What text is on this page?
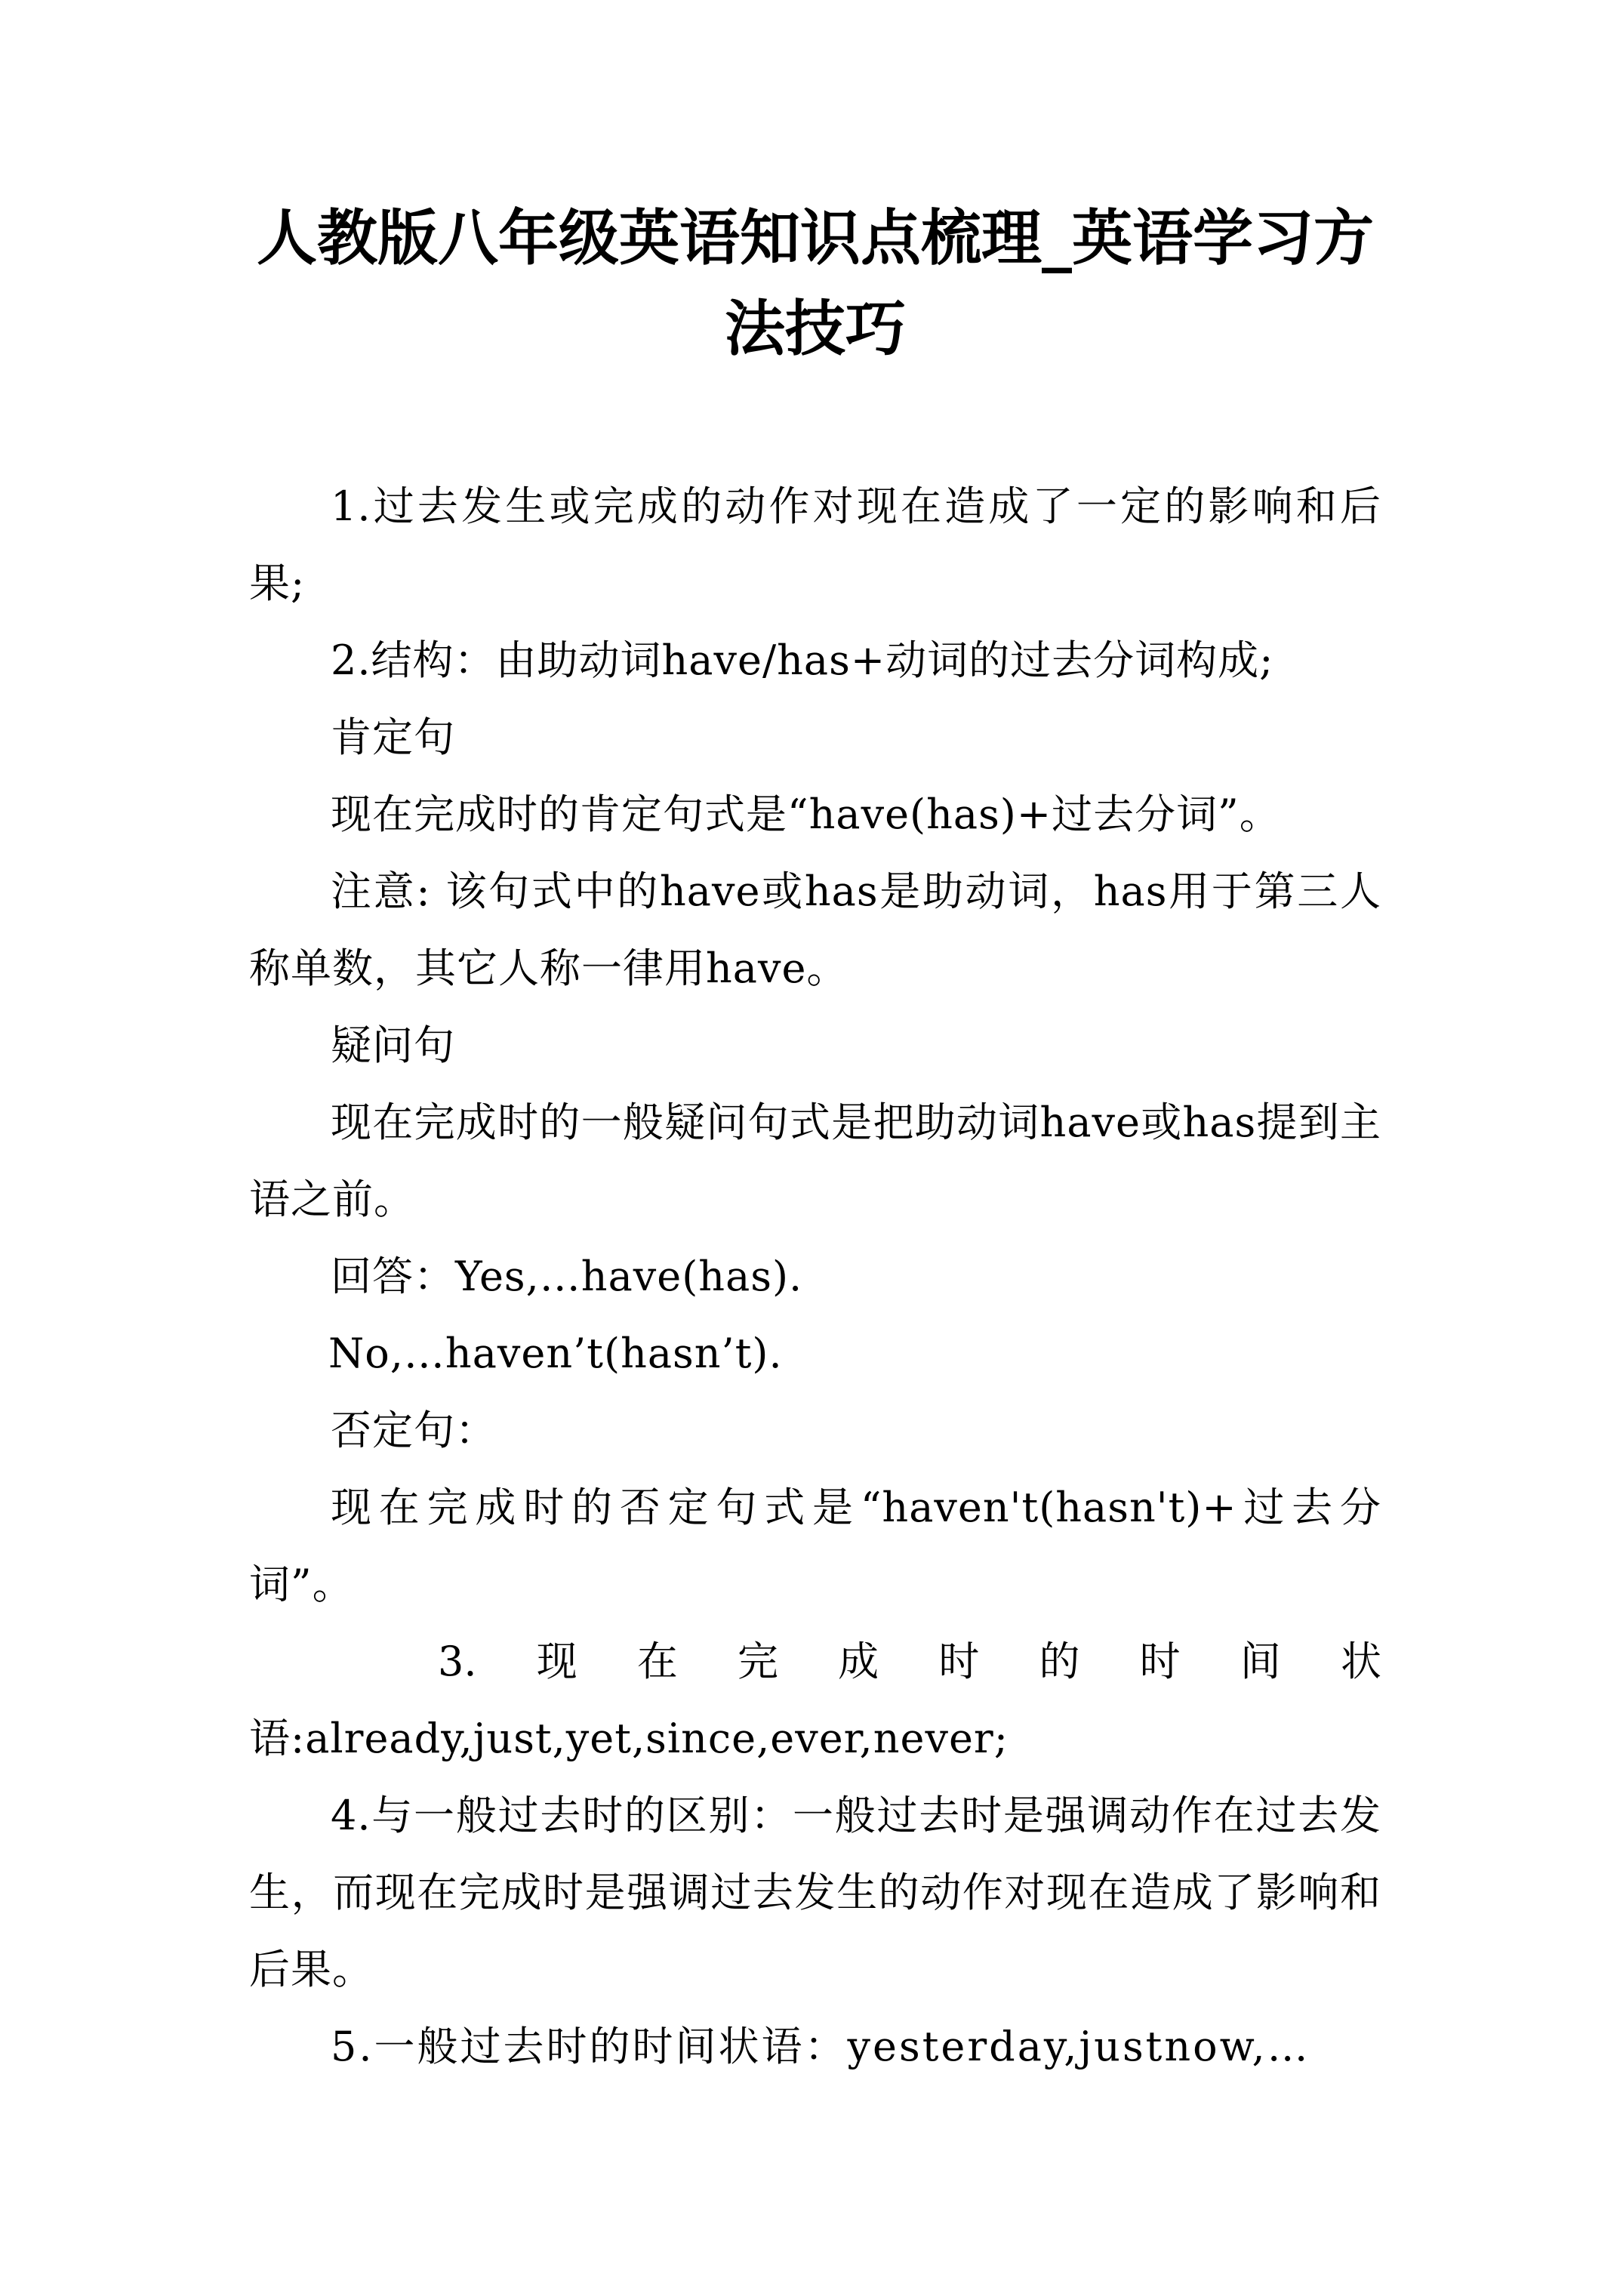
人教版八年级英语知识点梳理_英语学习方法技巧

1.过去发生或完成的动作对现在造成了一定的影响和后果;

2.结构：由助动词have/has+动词的过去分词构成;

肯定句

现在完成时的肯定句式是“have(has)+过去分词”。

注意: 该句式中的have或has是助动词，has用于第三人称单数，其它人称一律用have。

疑问句

现在完成时的一般疑问句式是把助动词have或has提到主语之前。

回答：Yes,…have(has).

No,…haven’t(hasn’t).

否定句：

现在完成时的否定句式是“haven't(hasn't)+过去分词”。

3. 现 在 完 成 时 的 时 间 状
语:already,just,yet,since,ever,never;

4.与一般过去时的区别：一般过去时是强调动作在过去发生，而现在完成时是强调过去发生的动作对现在造成了影响和后果。

5.一般过去时的时间状语：yesterday,justnow,…
